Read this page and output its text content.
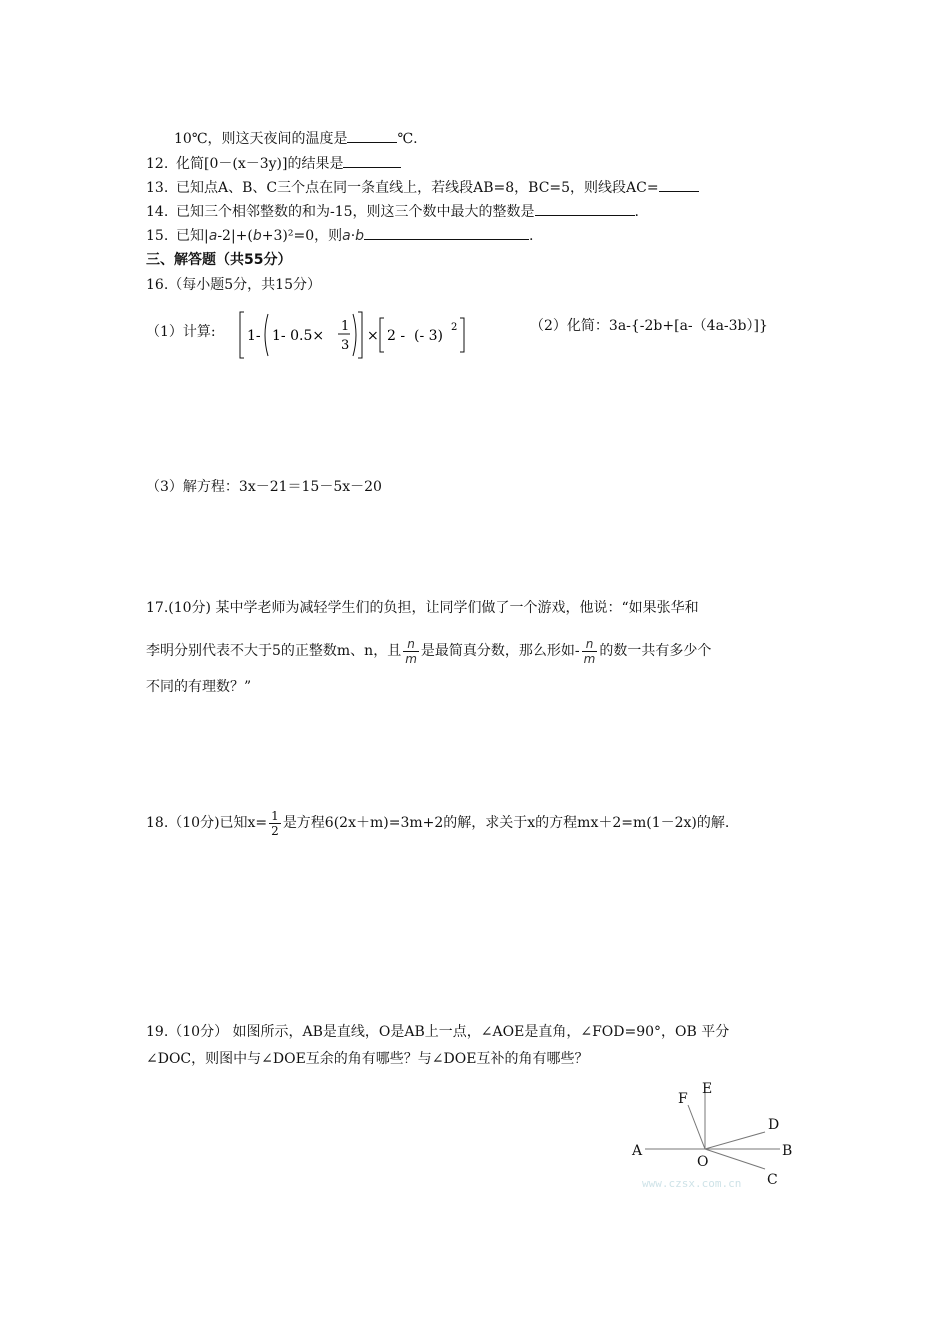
10℃，则这天夜间的温度是	℃.
12. 化简[0－(x－3y)]的结果是
13. 已知点A、B、C三个点在同一条直线上，若线段AB=8，BC=5，则线段AC=
14. 已知三个相邻整数的和为-15，则这三个数中最大的整数是	.
15. 已知|a-2|+(b+3)²=0，则a·b	.
三、解答题（共55分）
16.（每小题5分，共15分）
（1）计算: 1- 1- 0.5×
1
3
× 2 - (- 3)
2	（2）化简：3a-{-2b+[a-（4a-3b）]}
（3）解方程：3x－21＝15－5x－20
17.(10分) 某中学老师为减轻学生们的负担，让同学们做了一个游戏，他说：“如果张华和
李明分别代表不大于5的正整数m、n，且 $\frac{n}{m}$ 是最简真分数，那么形如- $\frac{n}{m}$ 的数一共有多少个
不同的有理数？”
18.（10分)已知$x= \frac{1}{2}$ 是方程6(2x＋m)=3m+2的解，求关于x的方程mx＋2=m(1－2x)的解.
19.（10分） 如图所示，AB是直线，O是AB上一点，∠AOE是直角，∠FOD=90°，OB 平分
∠DOC，则图中与∠DOE互余的角有哪些？与∠DOE互补的角有哪些？
A	B
C
D
E
F
O
www.czsx.com.cn
